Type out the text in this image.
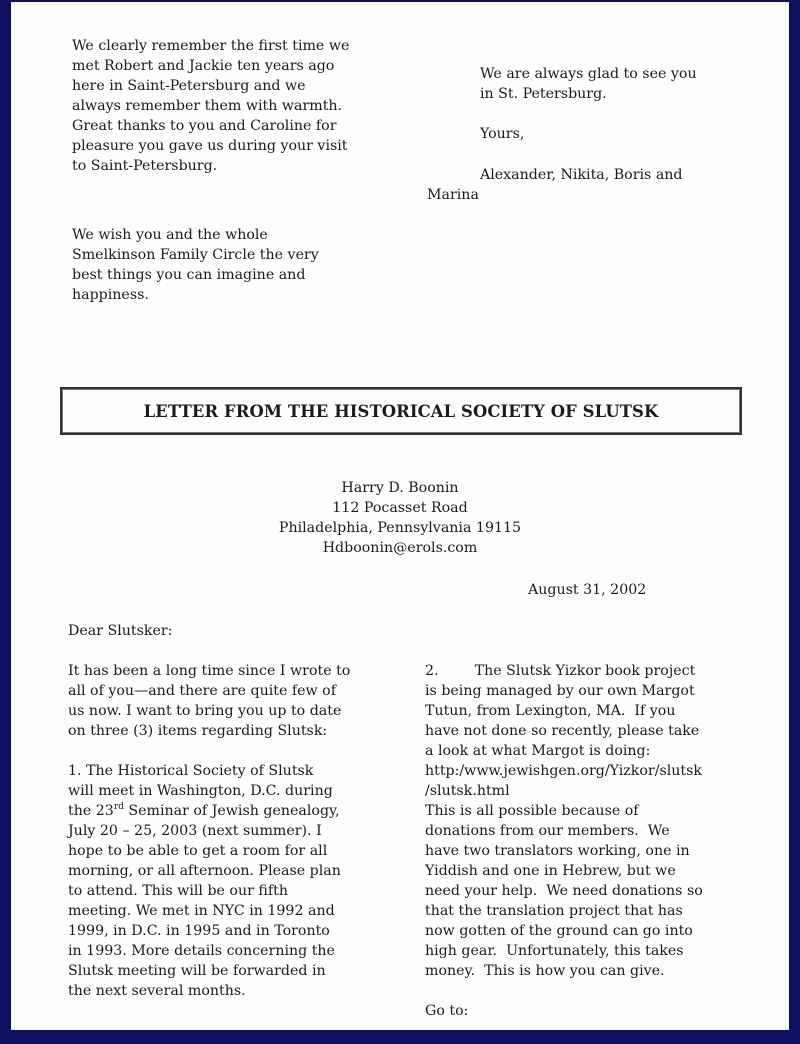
We clearly remember the first time we
met Robert and Jackie ten years ago
here in Saint-Petersburg and we
always remember them with warmth.
Great thanks to you and Caroline for
pleasure you gave us during your visit
to Saint-Petersburg.
We wish you and the whole
Smelkinson Family Circle the very
best things you can imagine and
happiness.
We are always glad to see you
in St. Petersburg.
Yours,
Alexander, Nikita, Boris and
Marina
LETTER FROM THE HISTORICAL SOCIETY OF SLUTSK
Harry D. Boonin
112 Pocasset Road
Philadelphia, Pennsylvania 19115
Hdboonin@erols.com
August 31, 2002
Dear Slutsker:
It has been a long time since I wrote to
all of you—and there are quite few of
us now. I want to bring you up to date
on three (3) items regarding Slutsk:
1. The Historical Society of Slutsk
will meet in Washington, D.C. during
the 23rd Seminar of Jewish genealogy,
July 20 – 25, 2003 (next summer). I
hope to be able to get a room for all
morning, or all afternoon. Please plan
to attend. This will be our fifth
meeting. We met in NYC in 1992 and
1999, in D.C. in 1995 and in Toronto
in 1993. More details concerning the
Slutsk meeting will be forwarded in
the next several months.
2.        The Slutsk Yizkor book project
is being managed by our own Margot
Tutun, from Lexington, MA.  If you
have not done so recently, please take
a look at what Margot is doing:
http:/www.jewishgen.org/Yizkor/slutsk
/slutsk.html
This is all possible because of
donations from our members.  We
have two translators working, one in
Yiddish and one in Hebrew, but we
need your help.  We need donations so
that the translation project that has
now gotten of the ground can go into
high gear.  Unfortunately, this takes
money.  This is how you can give.
Go to:
